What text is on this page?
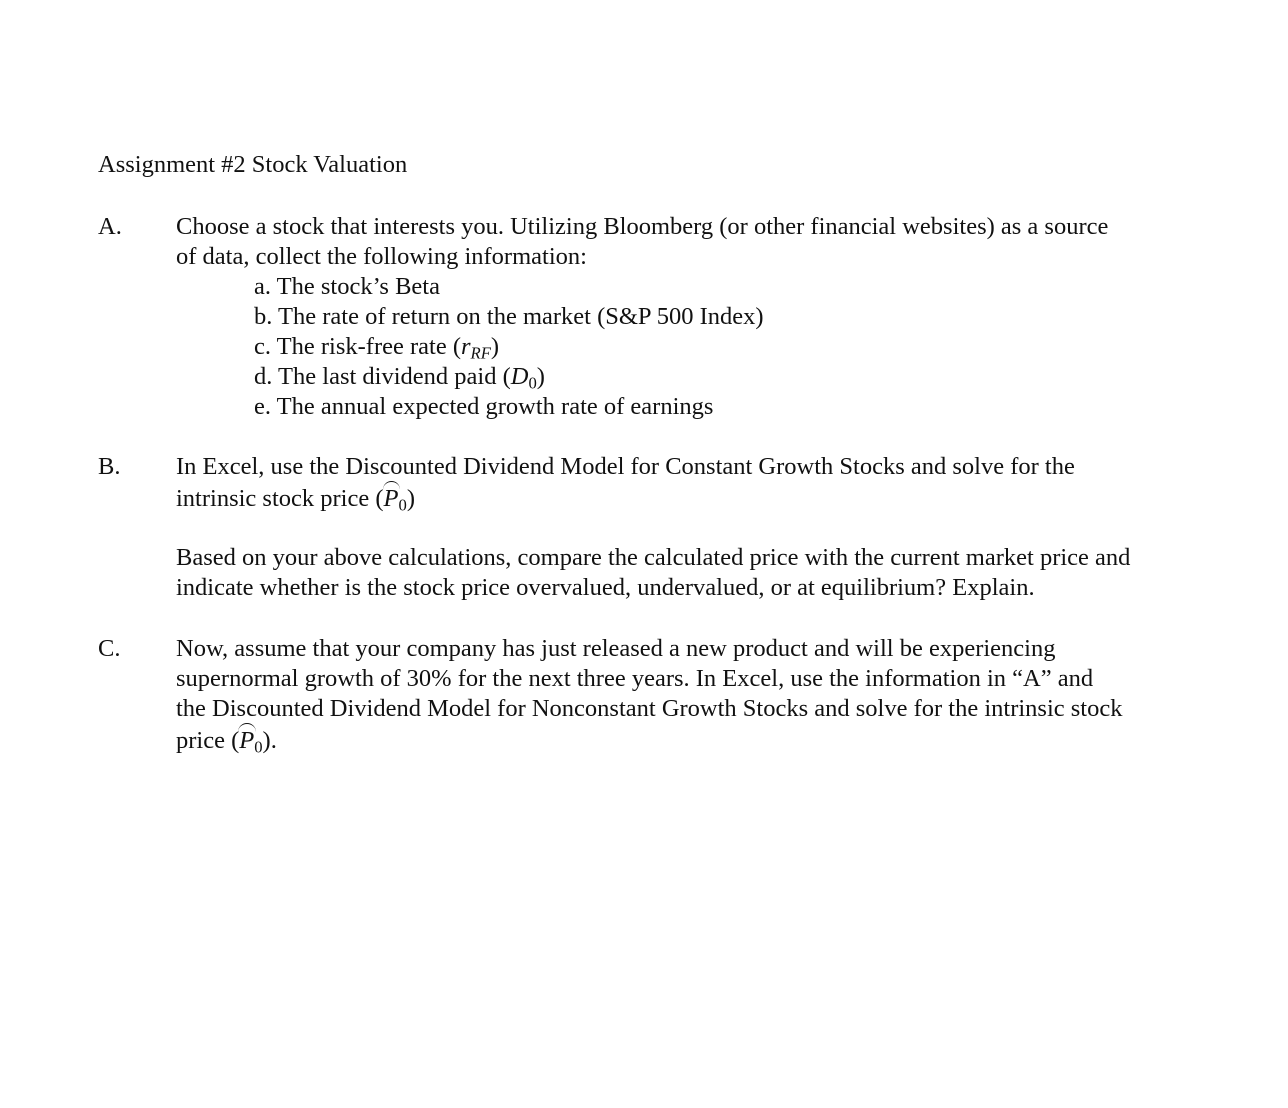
Assignment #2 Stock Valuation
A. Choose a stock that interests you. Utilizing Bloomberg (or other financial websites) as a source
of data, collect the following information:
a. The stock’s Beta
b. The rate of return on the market (S&P 500 Index)
c. The risk-free rate $(r_{RF})$
d. The last dividend paid $(D_0)$
e. The annual expected growth rate of earnings
B. In Excel, use the Discounted Dividend Model for Constant Growth Stocks and solve for the
intrinsic stock price $(P_0)$
Based on your above calculations, compare the calculated price with the current market price and
indicate whether is the stock price overvalued, undervalued, or at equilibrium? Explain.
C. Now, assume that your company has just released a new product and will be experiencing
supernormal growth of 30% for the next three years. In Excel, use the information in “A” and
the Discounted Dividend Model for Nonconstant Growth Stocks and solve for the intrinsic stock
price $(P_0)$.
